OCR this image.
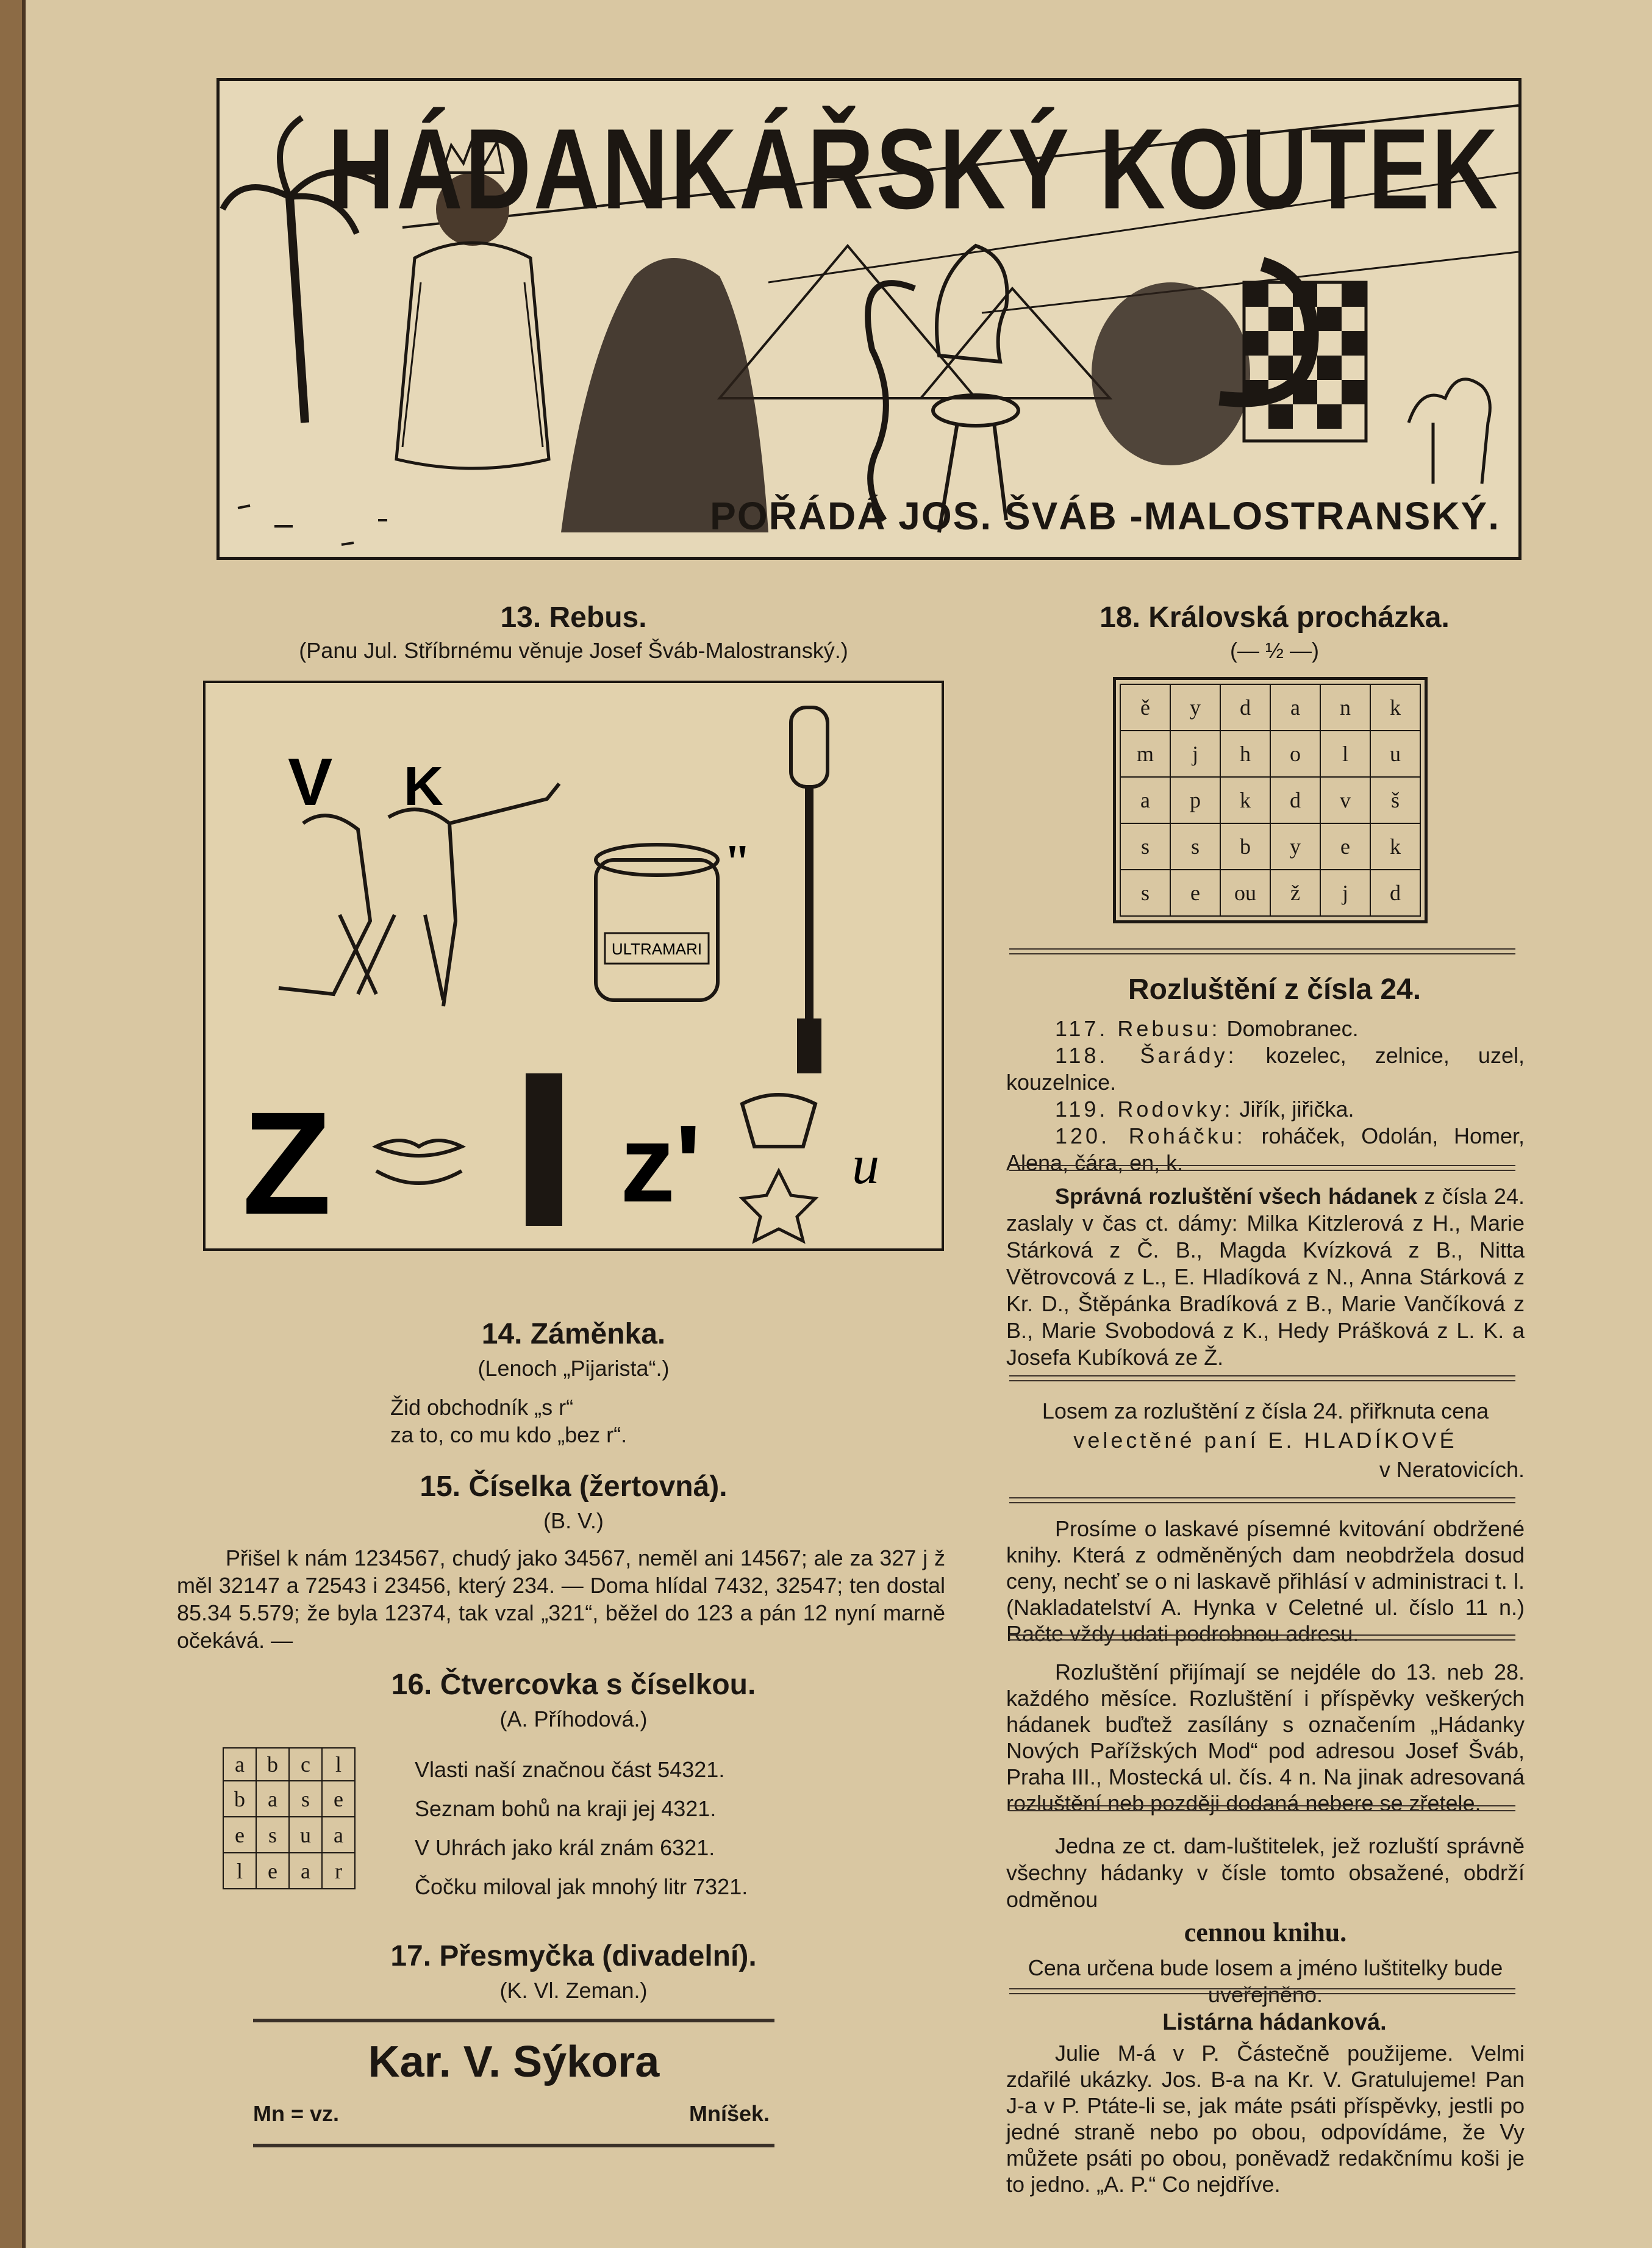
HÁDANKÁŘSKÝ KOUTEK
POŘÁDÁ JOS. ŠVÁB -MALOSTRANSKÝ.
13. Rebus.
(Panu Jul. Stříbrnému věnuje Josef Šváb-Malostranský.)
V K
ULTRAMARI
"
Z	z'	u
14. Záměnka.
(Lenoch „Pijarista“.)
Žid obchodník „s r“
za to, co mu kdo „bez r“.
15. Číselka (žertovná).
(B. V.)

Přišel k nám 1234567, chudý jako 34567, neměl ani 14567; ale za 327 j ž měl 32147 a 72543 i 23456, který 234. — Doma hlídal 7432, 32547; ten dostal 85.34 5.579; že byla 12374, tak vzal „321“, běžel do 123 a pán 12 nyní marně očekává. —

16. Čtvercovka s číselkou.
(A. Příhodová.)
a	b	c	l
b	a	s	e
e	s	u	a
l	e	a	r
Vlasti naší značnou část 54321.
Seznam bohů na kraji jej 4321.
V Uhrách jako král znám 6321.
Čočku miloval jak mnohý litr 7321.
17. Přesmyčka (divadelní).
(K. Vl. Zeman.)
Kar. V. Sýkora
Mn = vz.	Mníšek.
18. Královská procházka.
(— ½ —)
ě	y	d	a	n	k
m	j	h	o	l	u
a	p	k	d	v	š
s	s	b	y	e	k
s	e	ou	ž	j	d
Rozluštění z čísla 24.

117. Rebusu: Domobranec.

118. Šarády: kozelec, zelnice, uzel, kouzelnice.

119. Rodovky: Jiřík, jiřička.

120. Roháčku: roháček, Odolán, Homer, Alena, čára, en, k.

Správná rozluštění všech hádanek z čísla 24. zaslaly v čas ct. dámy: Milka Kitzlerová z H., Marie Stárková z Č. B., Magda Kvízková z B., Nitta Větrovcová z L., E. Hladíková z N., Anna Stárková z Kr. D., Štěpánka Bradíková z B., Marie Vančíková z B., Marie Svobodová z K., Hedy Prášková z L. K. a Josefa Kubíková ze Ž.

Losem za rozluštění z čísla 24. přiřknuta cena
velectěné paní E. HLADÍKOVÉ
v Neratovicích.

Prosíme o laskavé písemné kvitování obdržené knihy. Která z odměněných dam neobdržela dosud ceny, nechť se o ni laskavě přihlásí v administraci t. l. (Nakladatelství A. Hynka v Celetné ul. číslo 11 n.) Račte vždy udati podrobnou adresu.

Rozluštění přijímají se nejdéle do 13. neb 28. každého měsíce. Rozluštění i příspěvky veškerých hádanek buďtež zasílány s označením „Hádanky Nových Pařížských Mod“ pod adresou Josef Šváb, Praha III., Mostecká ul. čís. 4 n. Na jinak adresovaná rozluštění neb později dodaná nebere se zřetele.

Jedna ze ct. dam-luštitelek, jež rozluští správně všechny hádanky v čísle tomto obsažené, obdrží odměnou

cennou knihu.
Cena určena bude losem a jméno luštitelky bude uveřejněno.
Listárna hádanková.

Julie M-á v P. Částečně použijeme. Velmi zdařilé ukázky. Jos. B-a na Kr. V. Gratulujeme! Pan J-a v P. Ptáte-li se, jak máte psáti příspěvky, jestli po jedné straně nebo po obou, odpovídáme, že Vy můžete psáti po obou, poněvadž redakčnímu koši je to jedno. „A. P.“ Co nejdříve.
